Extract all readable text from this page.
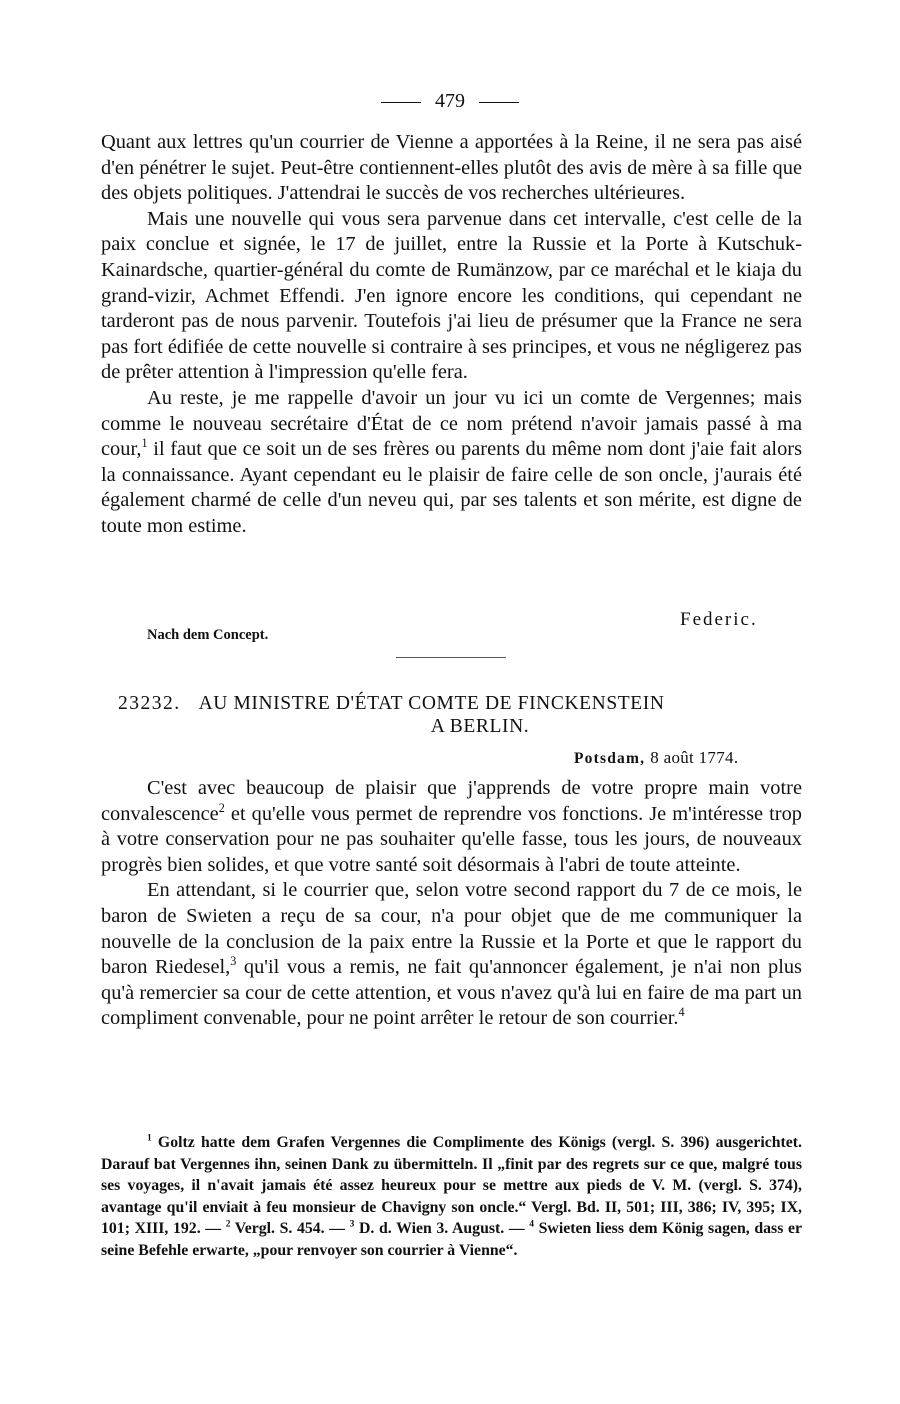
479

Quant aux lettres qu'un courrier de Vienne a apportées à la Reine, il ne sera pas aisé d'en pénétrer le sujet. Peut-être contiennent-elles plutôt des avis de mère à sa fille que des objets politiques. J'attendrai le succès de vos recherches ultérieures.

Mais une nouvelle qui vous sera parvenue dans cet intervalle, c'est celle de la paix conclue et signée, le 17 de juillet, entre la Russie et la Porte à Kutschuk-Kainardsche, quartier-général du comte de Rumänzow, par ce maréchal et le kiaja du grand-vizir, Achmet Effendi. J'en ignore encore les conditions, qui cependant ne tarderont pas de nous parvenir. Toutefois j'ai lieu de présumer que la France ne sera pas fort édifiée de cette nouvelle si contraire à ses principes, et vous ne négligerez pas de prêter attention à l'impression qu'elle fera.

Au reste, je me rappelle d'avoir un jour vu ici un comte de Vergennes; mais comme le nouveau secrétaire d'État de ce nom prétend n'avoir jamais passé à ma cour,$^1$ il faut que ce soit un de ses frères ou parents du même nom dont j'aie fait alors la connaissance. Ayant cependant eu le plaisir de faire celle de son oncle, j'aurais été également charmé de celle d'un neveu qui, par ses talents et son mérite, est digne de toute mon estime.

Federic.
Nach dem Concept.
23232. AU MINISTRE D'ÉTAT COMTE DE FINCKENSTEIN
A BERLIN.
Potsdam, 8 août 1774.

C'est avec beaucoup de plaisir que j'apprends de votre propre main votre convalescence$^2$ et qu'elle vous permet de reprendre vos fonctions. Je m'intéresse trop à votre conservation pour ne pas souhaiter qu'elle fasse, tous les jours, de nouveaux progrès bien solides, et que votre santé soit désormais à l'abri de toute atteinte.

En attendant, si le courrier que, selon votre second rapport du 7 de ce mois, le baron de Swieten a reçu de sa cour, n'a pour objet que de me communiquer la nouvelle de la conclusion de la paix entre la Russie et la Porte et que le rapport du baron Riedesel,$^3$ qu'il vous a remis, ne fait qu'annoncer également, je n'ai non plus qu'à remercier sa cour de cette attention, et vous n'avez qu'à lui en faire de ma part un compliment convenable, pour ne point arrêter le retour de son courrier.$^4$

$^1$ Goltz hatte dem Grafen Vergennes die Complimente des Königs (vergl. S. 396) ausgerichtet. Darauf bat Vergennes ihn, seinen Dank zu übermitteln. Il „finit par des regrets sur ce que, malgré tous ses voyages, il n'avait jamais été assez heureux pour se mettre aux pieds de V. M. (vergl. S. 374), avantage qu'il enviait à feu monsieur de Chavigny son oncle.“ Vergl. Bd. II, 501; III, 386; IV, 395; IX, 101; XIII, 192. — $^2$ Vergl. S. 454. — $^3$ D. d. Wien 3. August. — $^4$ Swieten liess dem König sagen, dass er seine Befehle erwarte, „pour renvoyer son courrier à Vienne“.
